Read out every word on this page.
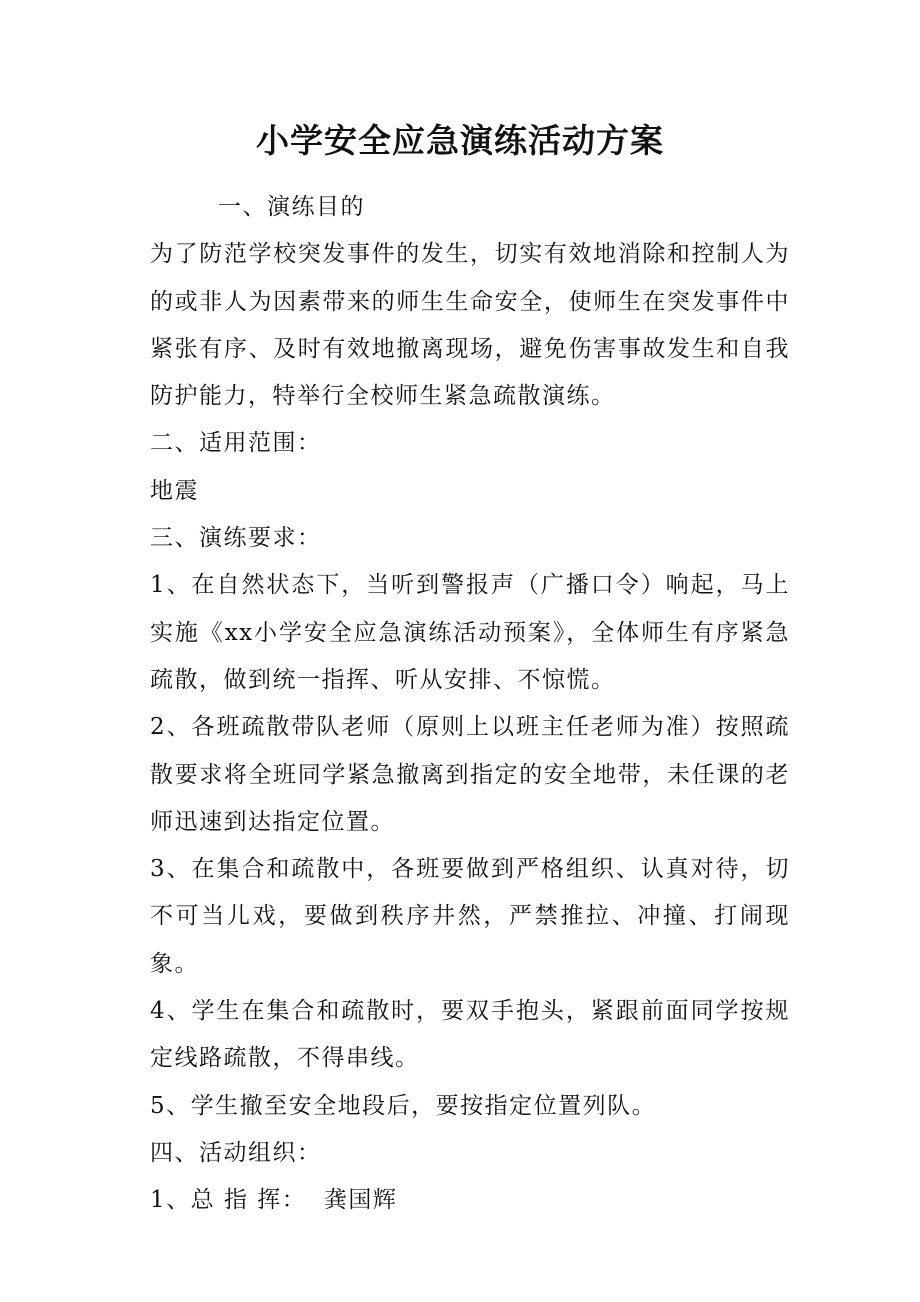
小学安全应急演练活动方案

一、演练目的

为了防范学校突发事件的发生，切实有效地消除和控制人为的或非人为因素带来的师生生命安全，使师生在突发事件中紧张有序、及时有效地撤离现场，避免伤害事故发生和自我防护能力，特举行全校师生紧急疏散演练。

二、适用范围：

地震

三、演练要求：

1、在自然状态下，当听到警报声（广播口令）响起，马上实施《xx小学安全应急演练活动预案》，全体师生有序紧急疏散，做到统一指挥、听从安排、不惊慌。

2、各班疏散带队老师（原则上以班主任老师为准）按照疏散要求将全班同学紧急撤离到指定的安全地带，未任课的老师迅速到达指定位置。

3、在集合和疏散中，各班要做到严格组织、认真对待，切不可当儿戏，要做到秩序井然，严禁推拉、冲撞、打闹现象。

4、学生在集合和疏散时，要双手抱头，紧跟前面同学按规定线路疏散，不得串线。

5、学生撤至安全地段后，要按指定位置列队。

四、活动组织：

1、总 指 挥：  龚国辉
